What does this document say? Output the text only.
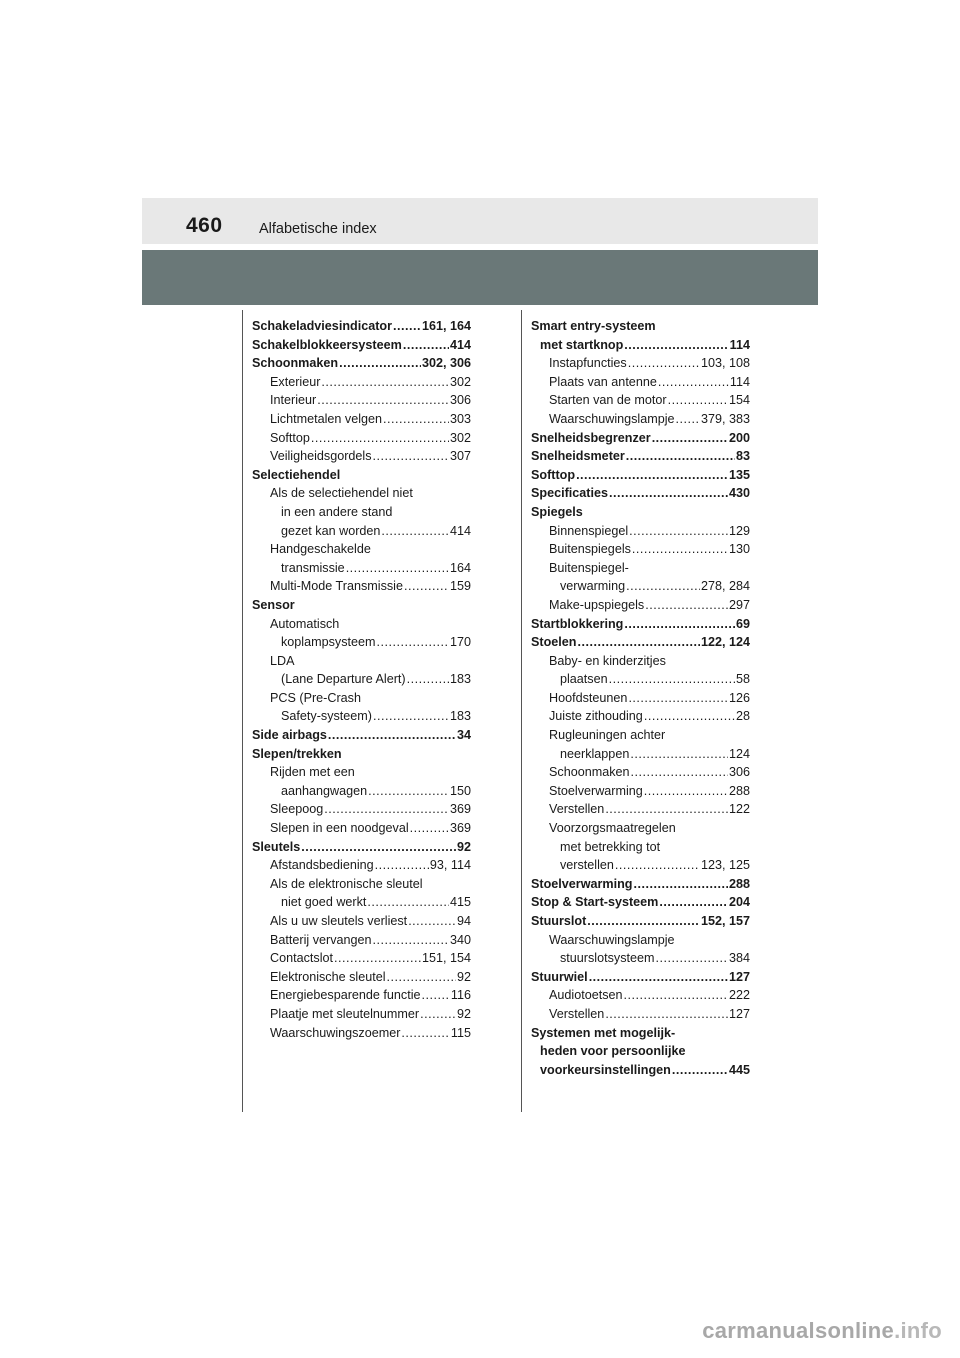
460	Alfabetische index
Schakeladviesindicator ..... 161, 164
Schakelblokkeersysteem .....	414
Schoonmaken .....	302, 306
Exterieur .....	302
Interieur .....	306
Lichtmetalen velgen .....	303
Softtop .....	302
Veiligheidsgordels .....	307
Selectiehendel
Als de selectiehendel niet
in een andere stand
gezet kan worden .....	414
Handgeschakelde
transmissie .....	164
Multi-Mode Transmissie .....	159
Sensor
Automatisch
koplampsysteem .....	170
LDA
(Lane Departure Alert) .....	183
PCS (Pre-Crash
Safety-systeem) .....	183
Side airbags .....	34
Slepen/trekken
Rijden met een
aanhangwagen .....	150
Sleepoog .....	369
Slepen in een noodgeval .....	369
Sleutels .....	92
Afstandsbediening .....	93, 114
Als de elektronische sleutel
niet goed werkt .....	415
Als u uw sleutels verliest .....	94
Batterij vervangen .....	340
Contactslot .....	151, 154
Elektronische sleutel .....	92
Energiebesparende functie ..... 116
Plaatje met sleutelnummer .....	92
Waarschuwingszoemer .....	115
Smart entry-systeem
met startknop .....	114
Instapfuncties .....	103, 108
Plaats van antenne .....	114
Starten van de motor .....	154
Waarschuwingslampje ..... 379, 383
Snelheidsbegrenzer .....	200
Snelheidsmeter .....	83
Softtop .....	135
Specificaties .....	430
Spiegels
Binnenspiegel .....	129
Buitenspiegels .....	130
Buitenspiegel-
verwarming .....	278, 284
Make-upspiegels .....	297
Startblokkering .....	69
Stoelen .....	122, 124
Baby- en kinderzitjes
plaatsen .....	58
Hoofdsteunen .....	126
Juiste zithouding .....	28
Rugleuningen achter
neerklappen .....	124
Schoonmaken .....	306
Stoelverwarming .....	288
Verstellen .....	122
Voorzorgsmaatregelen
met betrekking tot
verstellen .....	123, 125
Stoelverwarming .....	288
Stop & Start-systeem .....	204
Stuurslot .....	152, 157
Waarschuwingslampje
stuurslotsysteem .....	384
Stuurwiel .....	127
Audiotoetsen .....	222
Verstellen .....	127
Systemen met mogelijk-
heden voor persoonlijke
voorkeursinstellingen .....	445
carmanualsonline.info
